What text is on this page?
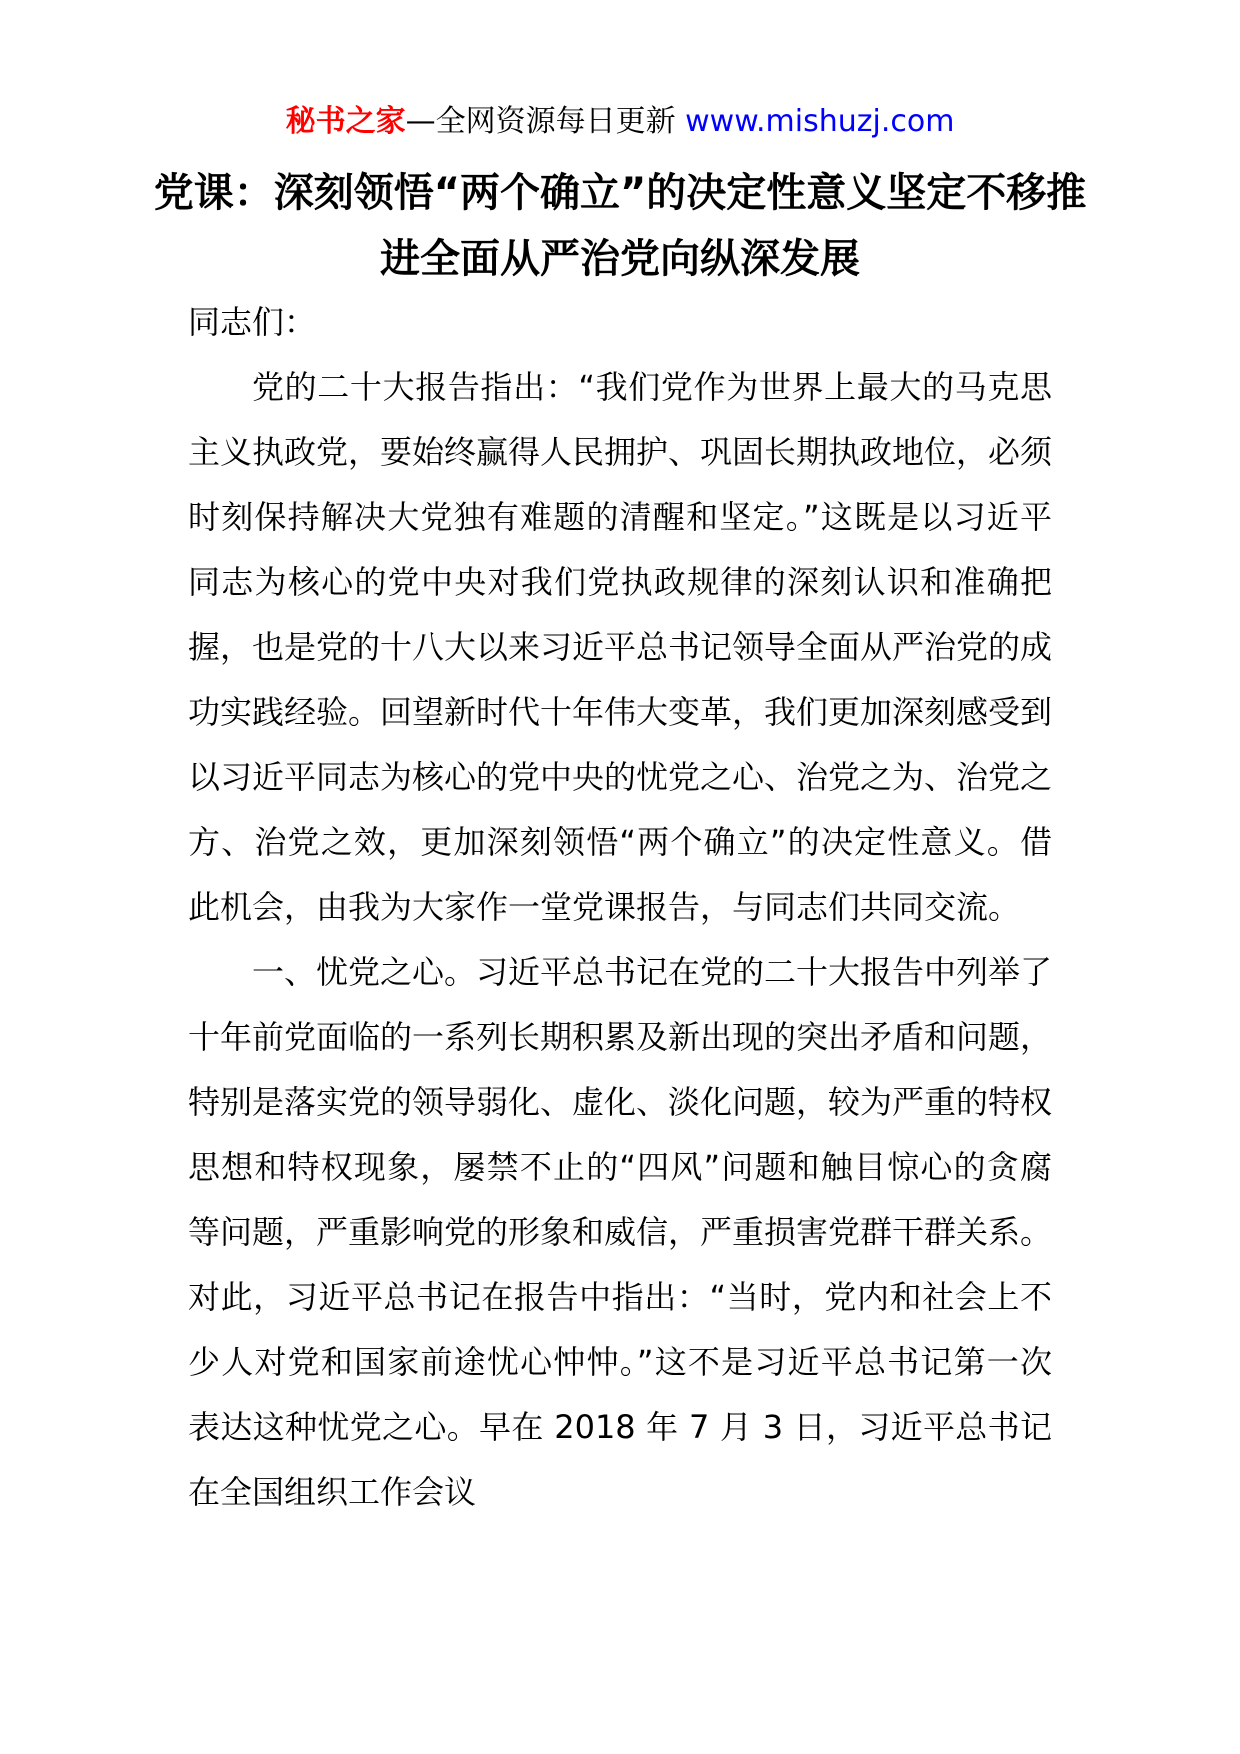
秘书之家—全网资源每日更新 www.mishuzj.com
党课：深刻领悟“两个确立”的决定性意义坚定不移推进全面从严治党向纵深发展

同志们：

党的二十大报告指出：“我们党作为世界上最大的马克思主义执政党，要始终赢得人民拥护、巩固长期执政地位，必须时刻保持解决大党独有难题的清醒和坚定。”这既是以习近平同志为核心的党中央对我们党执政规律的深刻认识和准确把握，也是党的十八大以来习近平总书记领导全面从严治党的成功实践经验。回望新时代十年伟大变革，我们更加深刻感受到以习近平同志为核心的党中央的忧党之心、治党之为、治党之方、治党之效，更加深刻领悟“两个确立”的决定性意义。借此机会，由我为大家作一堂党课报告，与同志们共同交流。

一、忧党之心。习近平总书记在党的二十大报告中列举了十年前党面临的一系列长期积累及新出现的突出矛盾和问题，特别是落实党的领导弱化、虚化、淡化问题，较为严重的特权思想和特权现象，屡禁不止的“四风”问题和触目惊心的贪腐等问题，严重影响党的形象和威信，严重损害党群干群关系。对此，习近平总书记在报告中指出：“当时，党内和社会上不少人对党和国家前途忧心忡忡。”这不是习近平总书记第一次表达这种忧党之心。早在 2018 年 7 月 3 日，习近平总书记在全国组织工作会议
